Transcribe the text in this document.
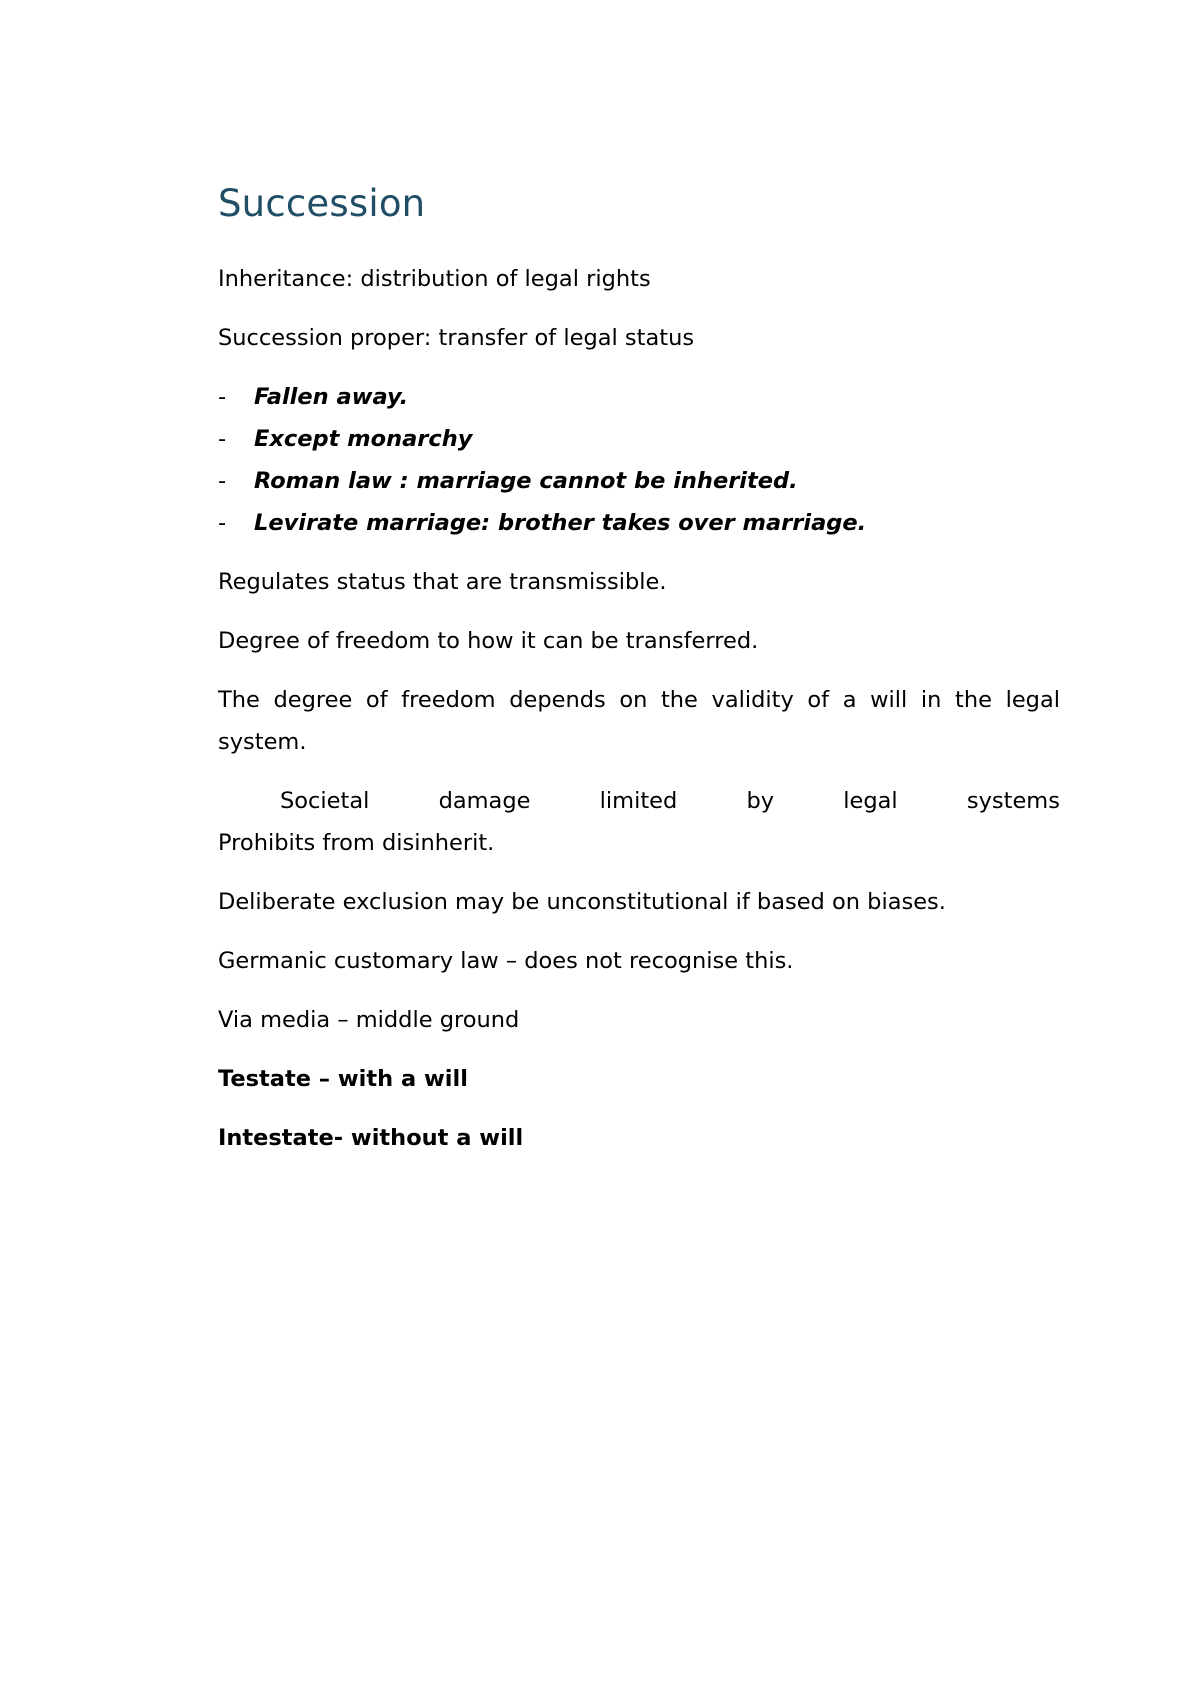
Succession

Inheritance: distribution of legal rights

Succession proper: transfer of legal status

-	Fallen away.
-	Except monarchy
-	Roman law : marriage cannot be inherited.
-	Levirate marriage: brother takes over marriage.

Regulates status that are transmissible.

Degree of freedom to how it can be transferred.

The degree of freedom depends on the validity of a will in the legal system.

Societal	damage	limited	by	legal	systems
Prohibits from disinherit.

Deliberate exclusion may be unconstitutional if based on biases.

Germanic customary law – does not recognise this.

Via media – middle ground

Testate – with a will

Intestate- without a will
